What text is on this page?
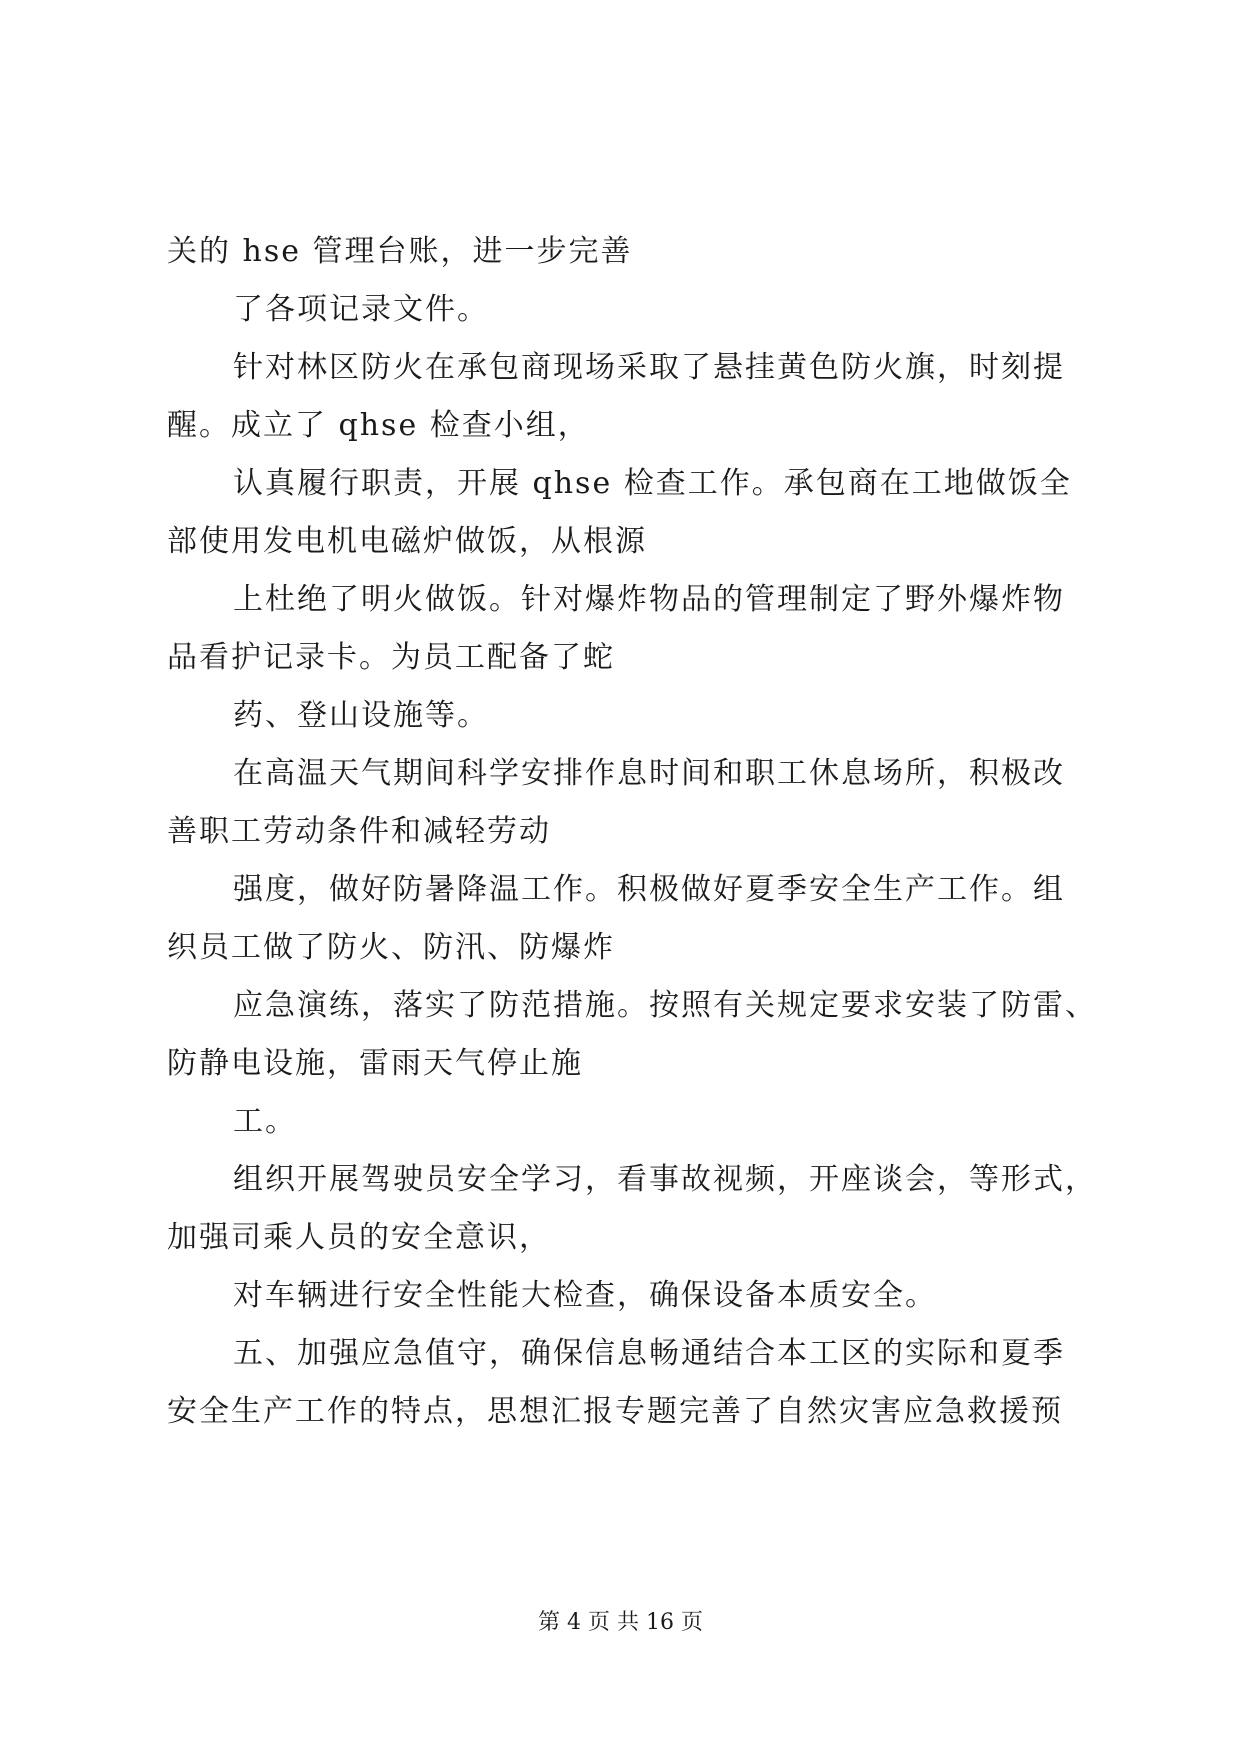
关的 hse 管理台账，进一步完善
了各项记录文件。
针对林区防火在承包商现场采取了悬挂黄色防火旗，时刻提
醒。成立了 qhse 检查小组，
认真履行职责，开展 qhse 检查工作。承包商在工地做饭全
部使用发电机电磁炉做饭，从根源
上杜绝了明火做饭。针对爆炸物品的管理制定了野外爆炸物
品看护记录卡。为员工配备了蛇
药、登山设施等。
在高温天气期间科学安排作息时间和职工休息场所，积极改
善职工劳动条件和减轻劳动
强度，做好防暑降温工作。积极做好夏季安全生产工作。组
织员工做了防火、防汛、防爆炸
应急演练，落实了防范措施。按照有关规定要求安装了防雷、
防静电设施，雷雨天气停止施
工。
组织开展驾驶员安全学习，看事故视频，开座谈会，等形式，
加强司乘人员的安全意识，
对车辆进行安全性能大检查，确保设备本质安全。
五、加强应急值守，确保信息畅通结合本工区的实际和夏季
安全生产工作的特点，思想汇报专题完善了自然灾害应急救援预
第 4 页 共 16 页
